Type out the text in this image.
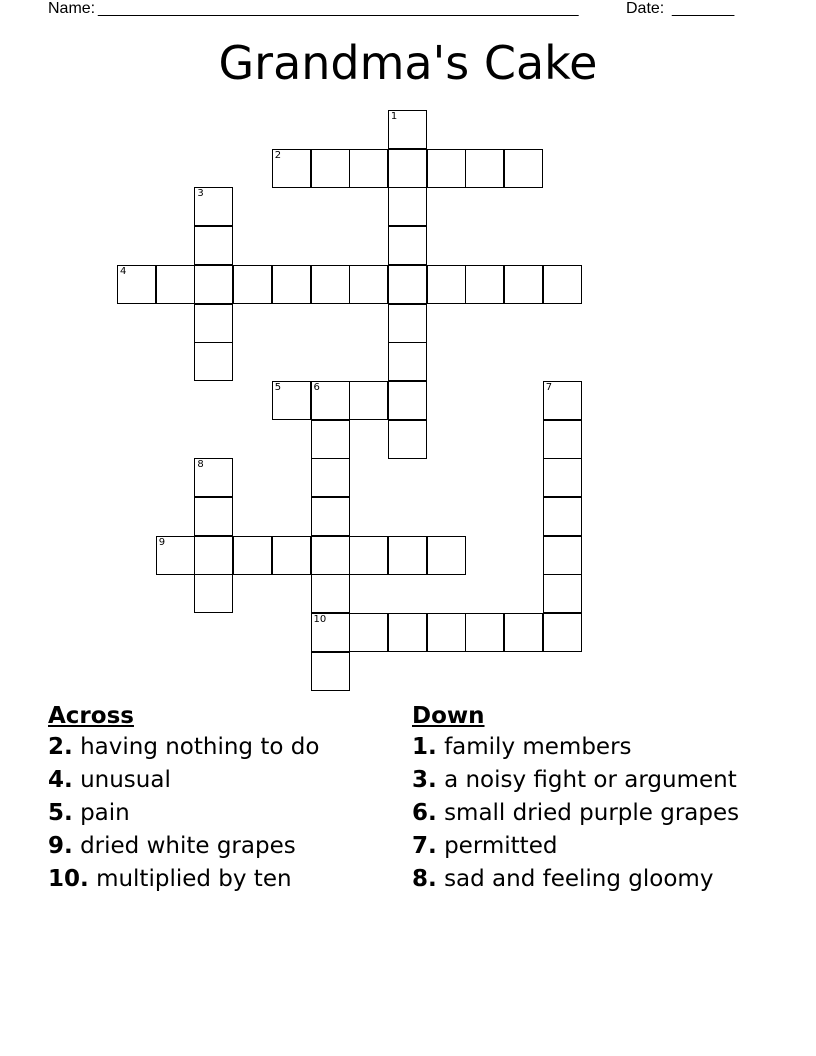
Name: ______________________________________________________	Date: _______
Grandma's Cake
1
2
3
4
5	6	7
8
9
10
Across
2. having nothing to do
4. unusual
5. pain
9. dried white grapes
10. multiplied by ten
Down
1. family members
3. a noisy fight or argument
6. small dried purple grapes
7. permitted
8. sad and feeling gloomy
